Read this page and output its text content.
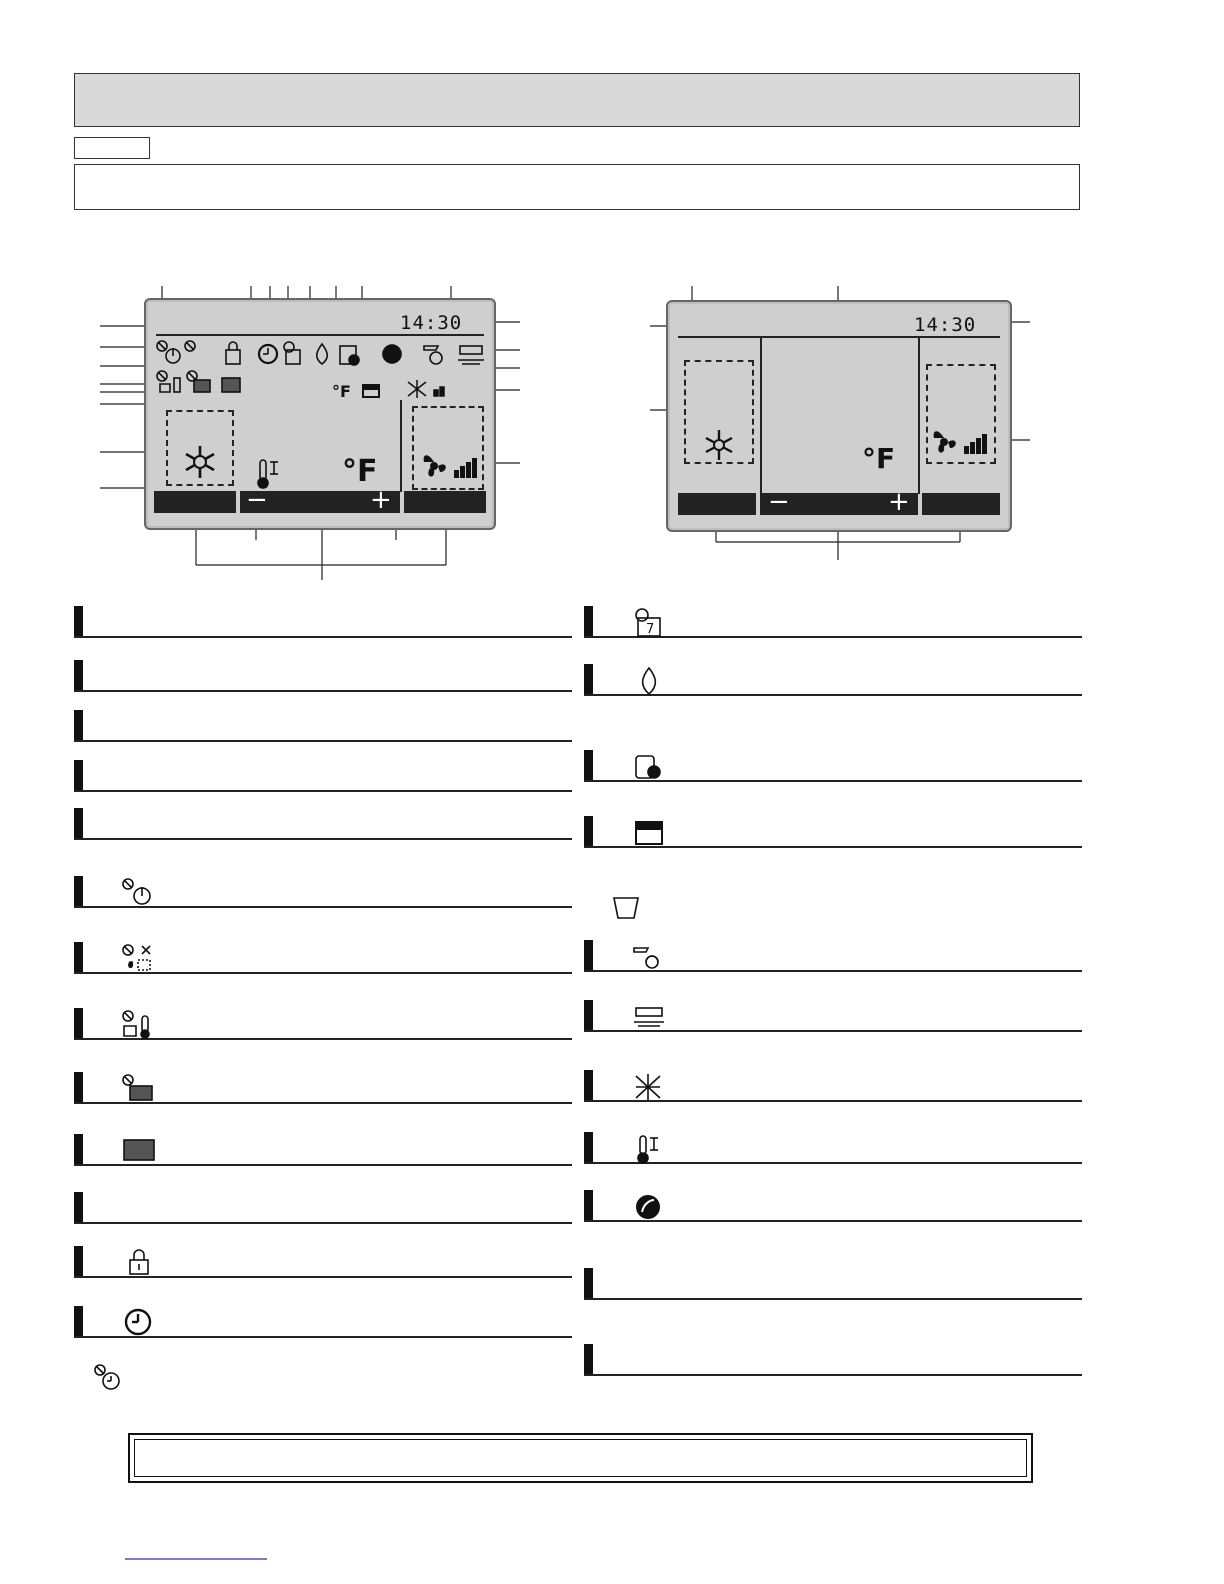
14:30
°F
°F
−	+
14:30
°F
−	+
7
